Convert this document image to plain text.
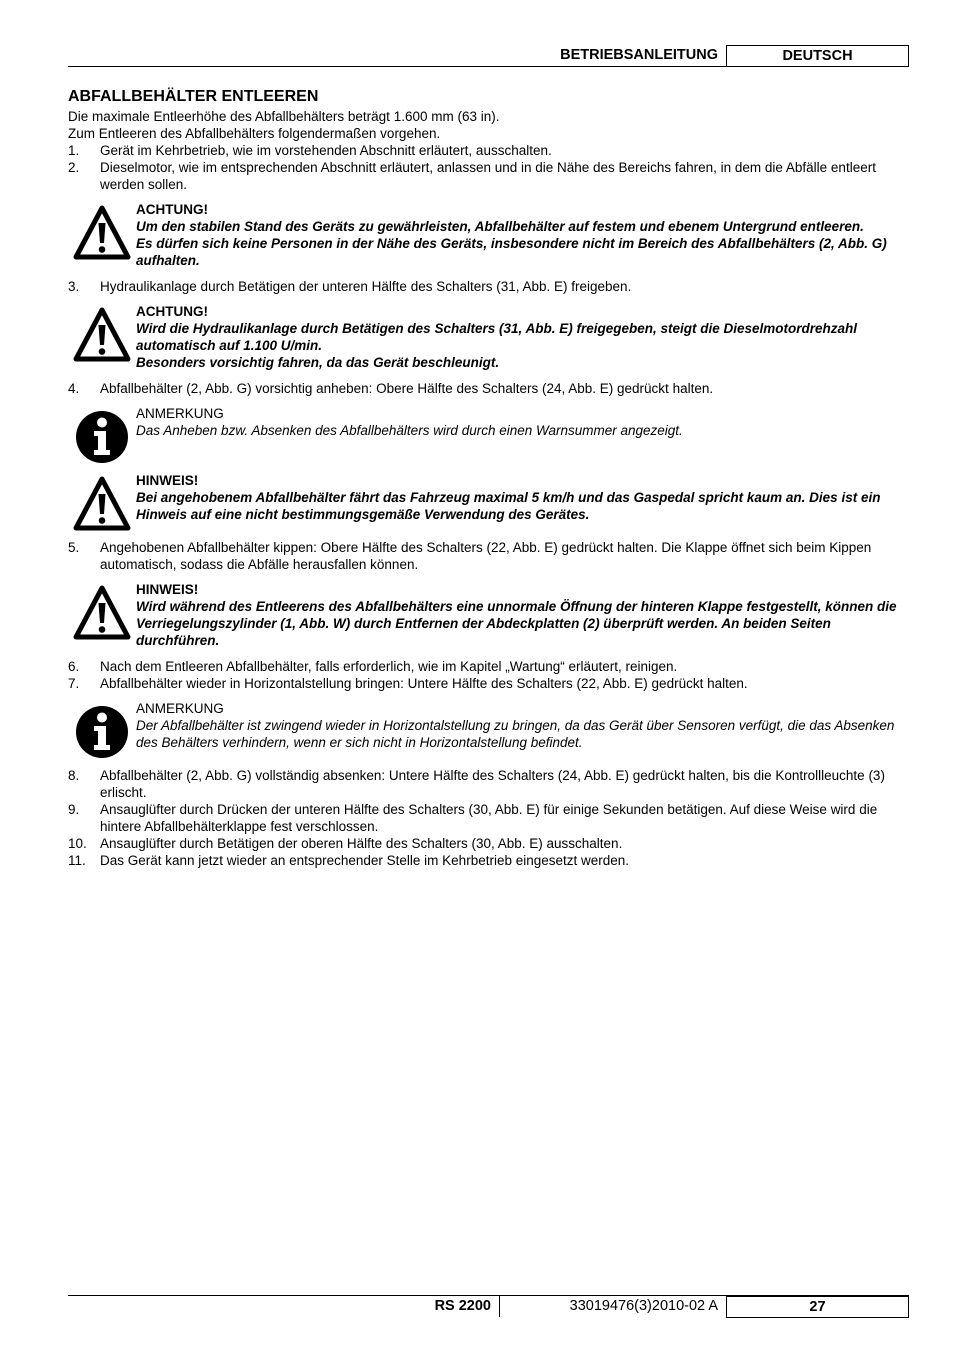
BETRIEBSANLEITUNG	DEUTSCH
ABFALLBEHÄLTER ENTLEEREN

Die maximale Entleerhöhe des Abfallbehälters beträgt 1.600 mm (63 in).

Zum Entleeren des Abfallbehälters folgendermaßen vorgehen.

1. Gerät im Kehrbetrieb, wie im vorstehenden Abschnitt erläutert, ausschalten.
2. Dieselmotor, wie im entsprechenden Abschnitt erläutert, anlassen und in die Nähe des Bereichs fahren, in dem die Abfälle entleert werden sollen.
ACHTUNG!
Um den stabilen Stand des Geräts zu gewährleisten, Abfallbehälter auf festem und ebenem Untergrund entleeren.
Es dürfen sich keine Personen in der Nähe des Geräts, insbesondere nicht im Bereich des Abfallbehälters (2, Abb. G) aufhalten.
3. Hydraulikanlage durch Betätigen der unteren Hälfte des Schalters (31, Abb. E) freigeben.
ACHTUNG!
Wird die Hydraulikanlage durch Betätigen des Schalters (31, Abb. E) freigegeben, steigt die Dieselmotordrehzahl automatisch auf 1.100 U/min.
Besonders vorsichtig fahren, da das Gerät beschleunigt.
4. Abfallbehälter (2, Abb. G) vorsichtig anheben: Obere Hälfte des Schalters (24, Abb. E) gedrückt halten.
ANMERKUNG
Das Anheben bzw. Absenken des Abfallbehälters wird durch einen Warnsummer angezeigt.
HINWEIS!
Bei angehobenem Abfallbehälter fährt das Fahrzeug maximal 5 km/h und das Gaspedal spricht kaum an. Dies ist ein Hinweis auf eine nicht bestimmungsgemäße Verwendung des Gerätes.
5. Angehobenen Abfallbehälter kippen: Obere Hälfte des Schalters (22, Abb. E) gedrückt halten. Die Klappe öffnet sich beim Kippen automatisch, sodass die Abfälle herausfallen können.
HINWEIS!
Wird während des Entleerens des Abfallbehälters eine unnormale Öffnung der hinteren Klappe festgestellt, können die Verriegelungszylinder (1, Abb. W) durch Entfernen der Abdeckplatten (2) überprüft werden. An beiden Seiten durchführen.
6. Nach dem Entleeren Abfallbehälter, falls erforderlich, wie im Kapitel „Wartung“ erläutert, reinigen.
7. Abfallbehälter wieder in Horizontalstellung bringen: Untere Hälfte des Schalters (22, Abb. E) gedrückt halten.
ANMERKUNG
Der Abfallbehälter ist zwingend wieder in Horizontalstellung zu bringen, da das Gerät über Sensoren verfügt, die das Absenken des Behälters verhindern, wenn er sich nicht in Horizontalstellung befindet.
8. Abfallbehälter (2, Abb. G) vollständig absenken: Untere Hälfte des Schalters (24, Abb. E) gedrückt halten, bis die Kontrollleuchte (3) erlischt.
9. Ansauglüfter durch Drücken der unteren Hälfte des Schalters (30, Abb. E) für einige Sekunden betätigen. Auf diese Weise wird die hintere Abfallbehälterklappe fest verschlossen.
10. Ansauglüfter durch Betätigen der oberen Hälfte des Schalters (30, Abb. E) ausschalten.
11. Das Gerät kann jetzt wieder an entsprechender Stelle im Kehrbetrieb eingesetzt werden.
RS 2200	33019476(3)2010-02 A	27
